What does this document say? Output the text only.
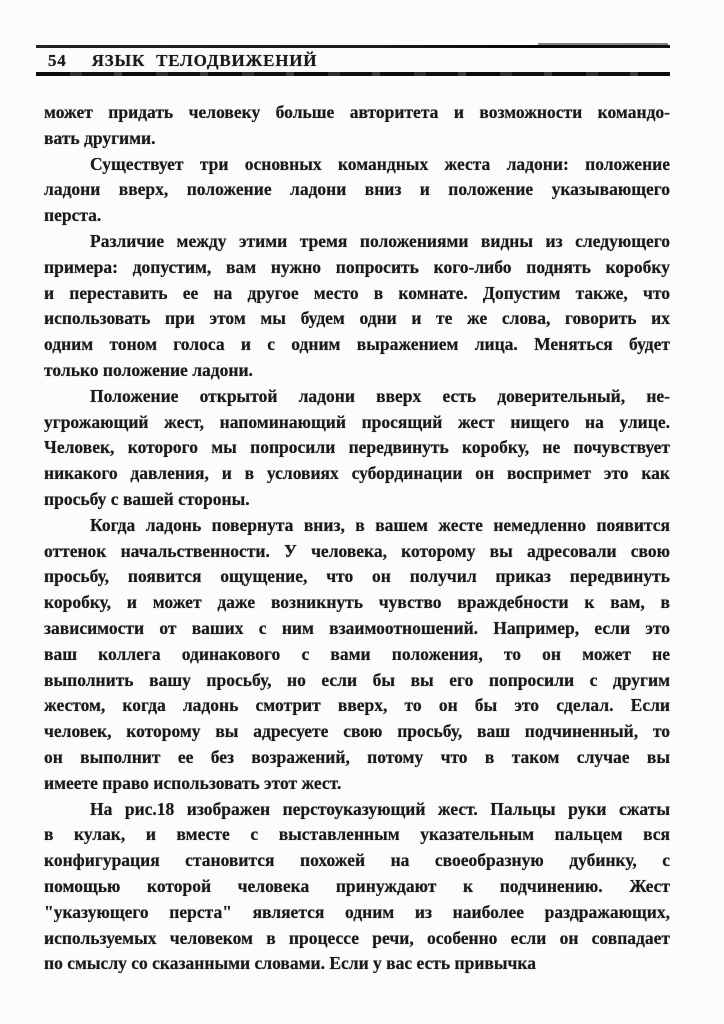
54 ЯЗЫК ТЕЛОДВИЖЕНИЙ
может придать человеку больше авторитета и возможности командо-
вать другими.
Существует три основных командных жеста ладони: положение
ладони вверх, положение ладони вниз и положение указывающего
перста.
Различие между этими тремя положениями видны из следующего
примера: допустим, вам нужно попросить кого-либо поднять коробку
и переставить ее на другое место в комнате. Допустим также, что
использовать при этом мы будем одни и те же слова, говорить их
одним тоном голоса и с одним выражением лица. Меняться будет
только положение ладони.
Положение открытой ладони вверх есть доверительный, не-
угрожающий жест, напоминающий просящий жест нищего на улице.
Человек, которого мы попросили передвинуть коробку, не почувствует
никакого давления, и в условиях субординации он воспримет это как
просьбу с вашей стороны.
Когда ладонь повернута вниз, в вашем жесте немедленно появится
оттенок начальственности. У человека, которому вы адресовали свою
просьбу, появится ощущение, что он получил приказ передвинуть
коробку, и может даже возникнуть чувство враждебности к вам, в
зависимости от ваших с ним взаимоотношений. Например, если это
ваш коллега одинакового с вами положения, то он может не
выполнить вашу просьбу, но если бы вы его попросили с другим
жестом, когда ладонь смотрит вверх, то он бы это сделал. Если
человек, которому вы адресуете свою просьбу, ваш подчиненный, то
он выполнит ее без возражений, потому что в таком случае вы
имеете право использовать этот жест.
На рис.18 изображен перстоуказующий жест. Пальцы руки сжаты
в кулак, и вместе с выставленным указательным пальцем вся
конфигурация становится похожей на своеобразную дубинку, с
помощью которой человека принуждают к подчинению. Жест
"указующего перста" является одним из наиболее раздражающих,
используемых человеком в процессе речи, особенно если он совпадает
по смыслу со сказанными словами. Если у вас есть привычка
